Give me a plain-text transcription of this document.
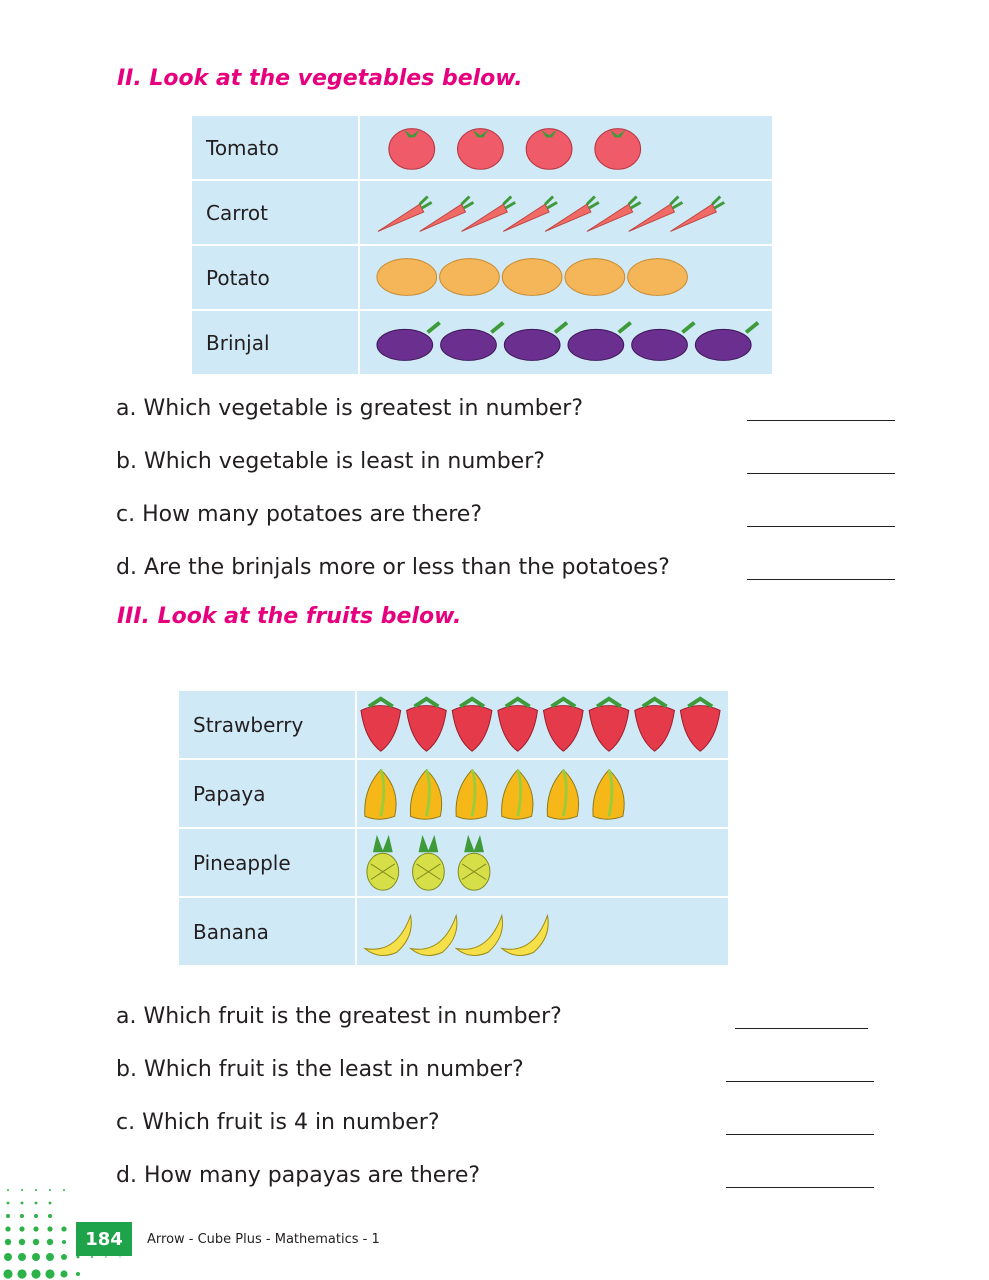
II. Look at the vegetables below.
Tomato	

Carrot	

Potato	

Brinjal	

a. Which vegetable is greatest in number?

b. Which vegetable is least in number?

c. How many potatoes are there?

d. Are the brinjals more or less than the potatoes?

III. Look at the fruits below.
Strawberry	

Papaya	

Pineapple	

Banana	

a. Which fruit is the greatest in number?

b. Which fruit is the least in number?

c. Which fruit is 4 in number?

d. How many papayas are there?

184	Arrow - Cube Plus - Mathematics - 1
